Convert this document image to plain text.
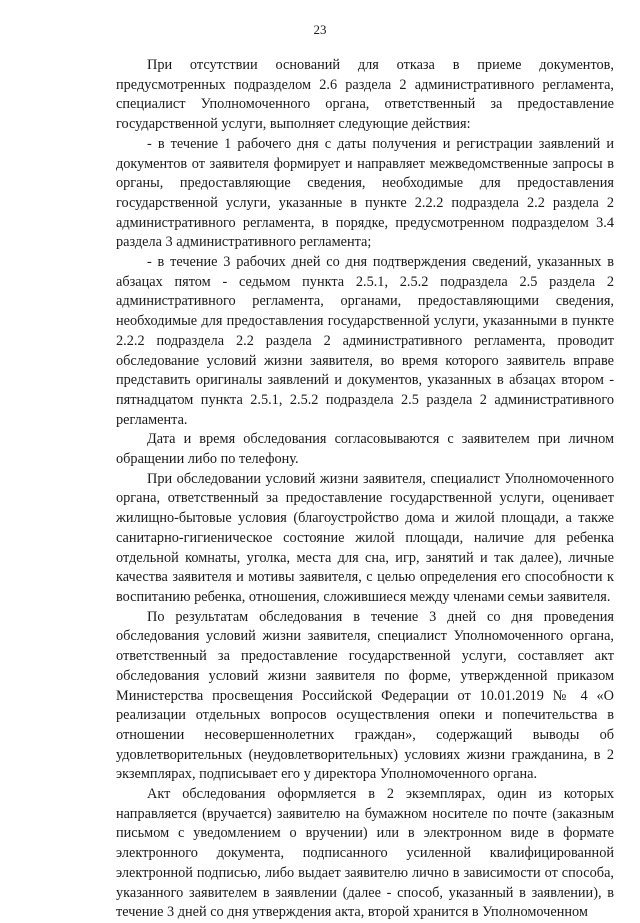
23

При отсутствии оснований для отказа в приеме документов, предусмотренных подразделом 2.6 раздела 2 административного регламента, специалист Уполномоченного органа, ответственный за предоставление государственной услуги, выполняет следующие действия:

- в течение 1 рабочего дня с даты получения и регистрации заявлений и документов от заявителя формирует и направляет межведомственные запросы в органы, предоставляющие сведения, необходимые для предоставления государственной услуги, указанные в пункте 2.2.2 подраздела 2.2 раздела 2 административного регламента, в порядке, предусмотренном подразделом 3.4 раздела 3 административного регламента;

- в течение 3 рабочих дней со дня подтверждения сведений, указанных в абзацах пятом - седьмом пункта 2.5.1, 2.5.2 подраздела 2.5 раздела 2 административного регламента, органами, предоставляющими сведения, необходимые для предоставления государственной услуги, указанными в пункте 2.2.2 подраздела 2.2 раздела 2 административного регламента, проводит обследование условий жизни заявителя, во время которого заявитель вправе представить оригиналы заявлений и документов, указанных в абзацах втором - пятнадцатом пункта 2.5.1, 2.5.2 подраздела 2.5 раздела 2 административного регламента.

Дата и время обследования согласовываются с заявителем при личном обращении либо по телефону.

При обследовании условий жизни заявителя, специалист Уполномоченного органа, ответственный за предоставление государственной услуги, оценивает жилищно-бытовые условия (благоустройство дома и жилой площади, а также санитарно-гигиеническое состояние жилой площади, наличие для ребенка отдельной комнаты, уголка, места для сна, игр, занятий и так далее), личные качества заявителя и мотивы заявителя, с целью определения его способности к воспитанию ребенка, отношения, сложившиеся между членами семьи заявителя.

По результатам обследования в течение 3 дней со дня проведения обследования условий жизни заявителя, специалист Уполномоченного органа, ответственный за предоставление государственной услуги, составляет акт обследования условий жизни заявителя по форме, утвержденной приказом Министерства просвещения Российской Федерации от 10.01.2019 № 4 «О реализации отдельных вопросов осуществления опеки и попечительства в отношении несовершеннолетних граждан», содержащий выводы об удовлетворительных (неудовлетворительных) условиях жизни гражданина, в 2 экземплярах, подписывает его у директора Уполномоченного органа.

Акт обследования оформляется в 2 экземплярах, один из которых направляется (вручается) заявителю на бумажном носителе по почте (заказным письмом с уведомлением о вручении) или в электронном виде в формате электронного документа, подписанного усиленной квалифицированной электронной подписью, либо выдает заявителю лично в зависимости от способа, указанного заявителем в заявлении (далее - способ, указанный в заявлении), в течение 3 дней со дня утверждения акта, второй хранится в Уполномоченном
